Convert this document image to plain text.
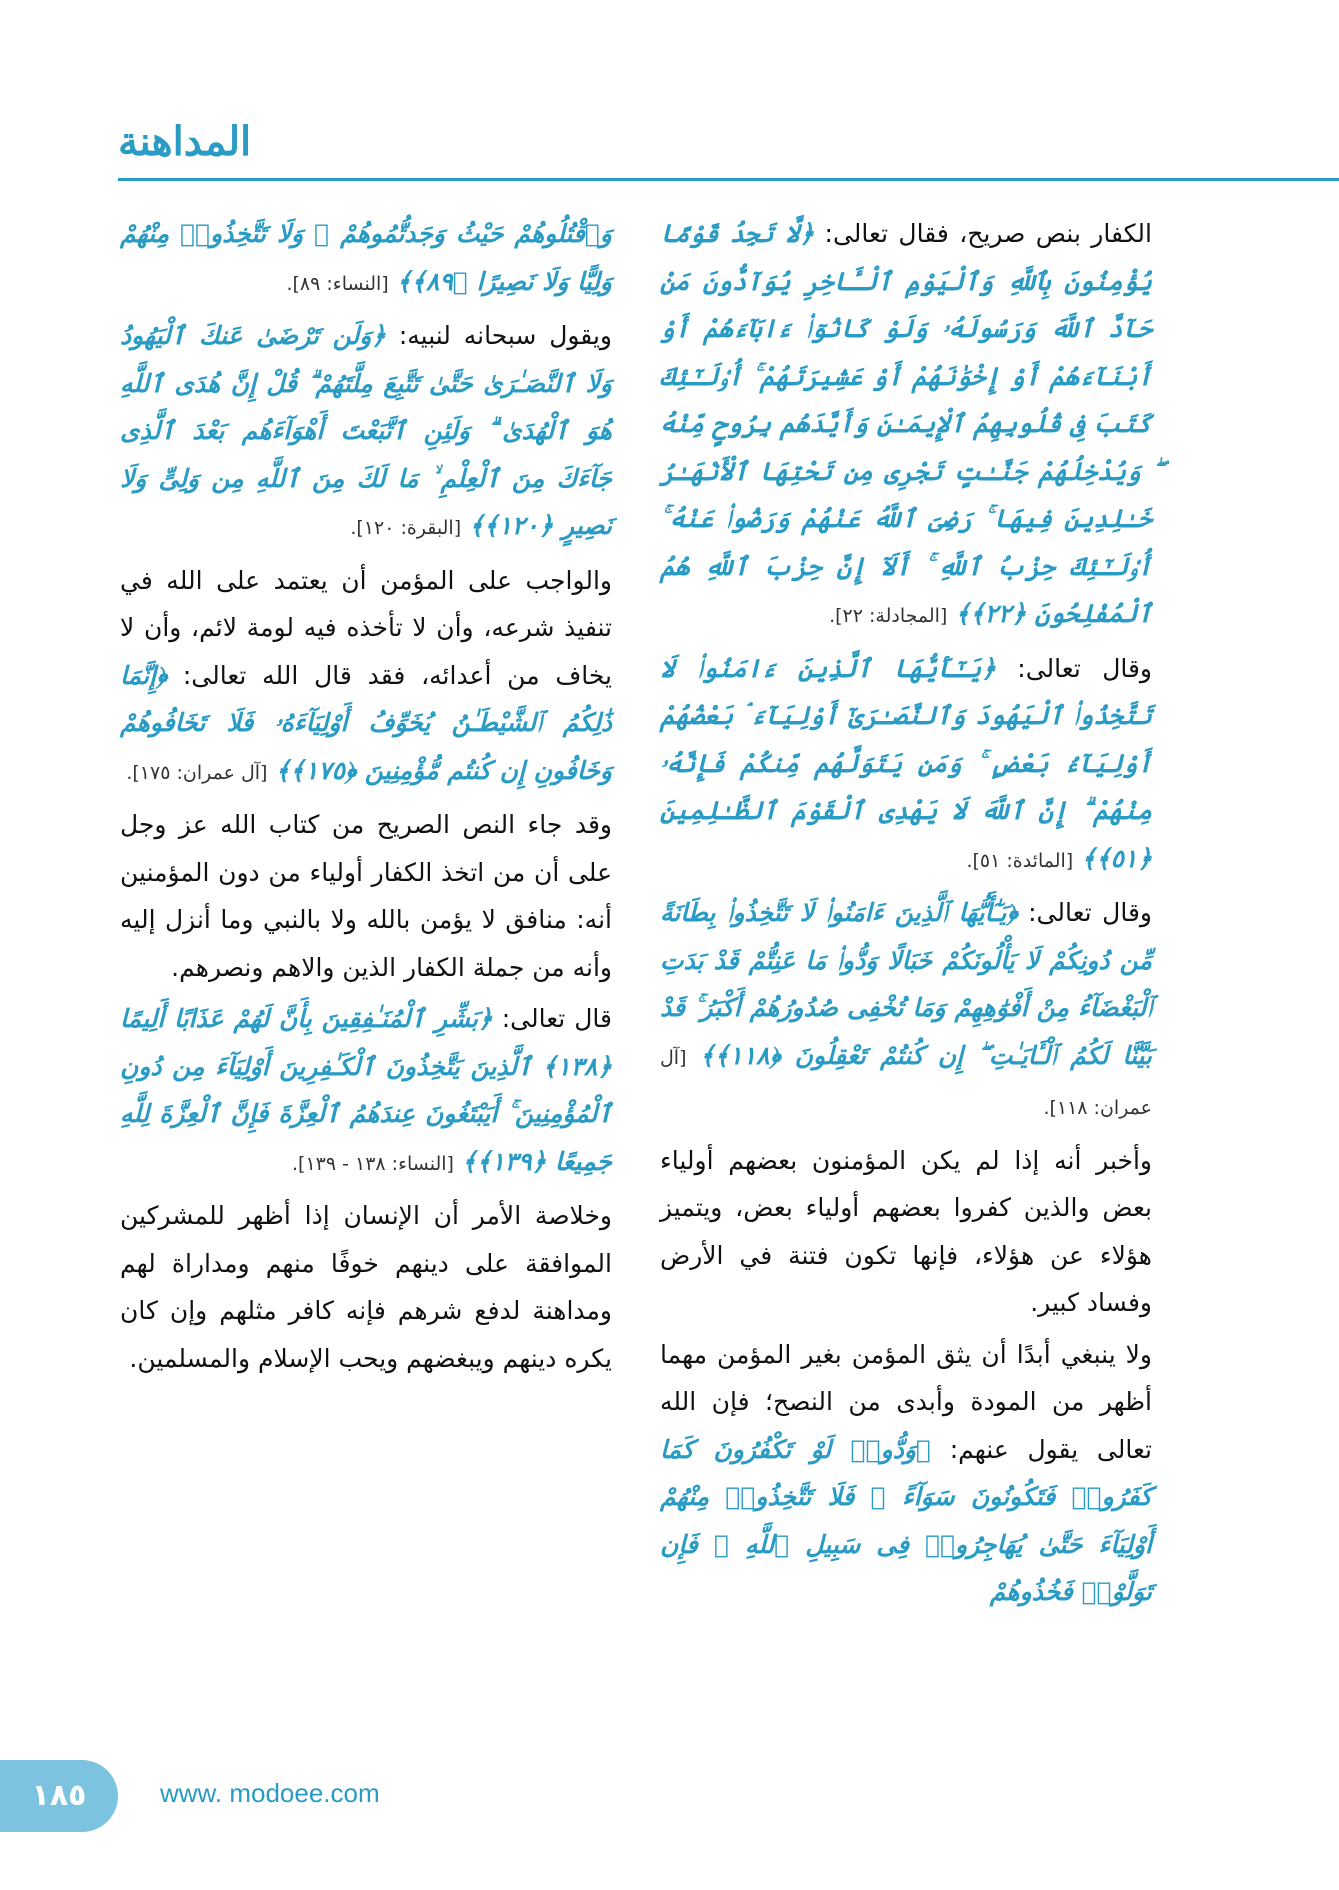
المداهنة

الكفار بنص صريح، فقال تعالى: ﴿لَّا تَجِدُ قَوْمًا يُؤْمِنُونَ بِٱللَّهِ وَٱلْيَوْمِ ٱلْـَٔاخِرِ يُوَآدُّونَ مَنْ حَآدَّ ٱللَّهَ وَرَسُولَهُۥ وَلَوْ كَانُوٓا۟ ءَابَآءَهُمْ أَوْ أَبْنَآءَهُمْ أَوْ إِخْوَٰنَهُمْ أَوْ عَشِيرَتَهُمْ ۚ أُو۟لَـٰٓئِكَ كَتَبَ فِى قُلُوبِهِمُ ٱلْإِيمَـٰنَ وَأَيَّدَهُم بِرُوحٍ مِّنْهُ ۖ وَيُدْخِلُهُمْ جَنَّـٰتٍ تَجْرِى مِن تَحْتِهَا ٱلْأَنْهَـٰرُ خَـٰلِدِينَ فِيهَا ۚ رَضِىَ ٱللَّهُ عَنْهُمْ وَرَضُوا۟ عَنْهُ ۚ أُو۟لَـٰٓئِكَ حِزْبُ ٱللَّهِ ۚ أَلَآ إِنَّ حِزْبَ ٱللَّهِ هُمُ ٱلْمُفْلِحُونَ ﴿٢٢﴾﴾ [المجادلة: ٢٢].

وقال تعالى: ﴿يَـٰٓأَيُّهَا ٱلَّذِينَ ءَامَنُوا۟ لَا تَتَّخِذُوا۟ ٱلْيَهُودَ وَٱلنَّصَـٰرَىٰٓ أَوْلِيَآءَ ۘ بَعْضُهُمْ أَوْلِيَآءُ بَعْضٍ ۚ وَمَن يَتَوَلَّهُم مِّنكُمْ فَإِنَّهُۥ مِنْهُمْ ۗ إِنَّ ٱللَّهَ لَا يَهْدِى ٱلْقَوْمَ ٱلظَّـٰلِمِينَ ﴿٥١﴾﴾ [المائدة: ٥١].

وقال تعالى: ﴿يَـٰٓأَيُّهَا ٱلَّذِينَ ءَامَنُوا۟ لَا تَتَّخِذُوا۟ بِطَانَةً مِّن دُونِكُمْ لَا يَأْلُونَكُمْ خَبَالًا وَدُّوا۟ مَا عَنِتُّمْ قَدْ بَدَتِ ٱلْبَغْضَآءُ مِنْ أَفْوَٰهِهِمْ وَمَا تُخْفِى صُدُورُهُمْ أَكْبَرُ ۚ قَدْ بَيَّنَّا لَكُمُ ٱلْـَٔايَـٰتِ ۖ إِن كُنتُمْ تَعْقِلُونَ ﴿١١٨﴾﴾ [آل عمران: ١١٨].

وأخبر أنه إذا لم يكن المؤمنون بعضهم أولياء بعض والذين كفروا بعضهم أولياء بعض، ويتميز هؤلاء عن هؤلاء، فإنها تكون فتنة في الأرض وفساد كبير.

ولا ينبغي أبدًا أن يثق المؤمن بغير المؤمن مهما أظهر من المودة وأبدى من النصح؛ فإن الله تعالى يقول عنهم: ﴿وَدُّوا۟ لَوْ تَكْفُرُونَ كَمَا كَفَرُوا۟ فَتَكُونُونَ سَوَآءً ۖ فَلَا تَتَّخِذُوا۟ مِنْهُمْ أَوْلِيَآءَ حَتَّىٰ يُهَاجِرُوا۟ فِى سَبِيلِ ٱللَّهِ ۚ فَإِن تَوَلَّوْا۟ فَخُذُوهُمْ

وَٱقْتُلُوهُمْ حَيْثُ وَجَدتُّمُوهُمْ ۖ وَلَا تَتَّخِذُوا۟ مِنْهُمْ وَلِيًّا وَلَا نَصِيرًا ﴿٨٩﴾﴾ [النساء: ٨٩].

ويقول سبحانه لنبيه: ﴿وَلَن تَرْضَىٰ عَنكَ ٱلْيَهُودُ وَلَا ٱلنَّصَـٰرَىٰ حَتَّىٰ تَتَّبِعَ مِلَّتَهُمْ ۗ قُلْ إِنَّ هُدَى ٱللَّهِ هُوَ ٱلْهُدَىٰ ۗ وَلَئِنِ ٱتَّبَعْتَ أَهْوَآءَهُم بَعْدَ ٱلَّذِى جَآءَكَ مِنَ ٱلْعِلْمِ ۙ مَا لَكَ مِنَ ٱللَّهِ مِن وَلِىٍّ وَلَا نَصِيرٍ ﴿١٢٠﴾﴾ [البقرة: ١٢٠].

والواجب على المؤمن أن يعتمد على الله في تنفيذ شرعه، وأن لا تأخذه فيه لومة لائم، وأن لا يخاف من أعدائه، فقد قال الله تعالى: ﴿إِنَّمَا ذَٰلِكُمُ ٱلشَّيْطَـٰنُ يُخَوِّفُ أَوْلِيَآءَهُۥ فَلَا تَخَافُوهُمْ وَخَافُونِ إِن كُنتُم مُّؤْمِنِينَ ﴿١٧٥﴾﴾ [آل عمران: ١٧٥].

وقد جاء النص الصريح من كتاب الله عز وجل على أن من اتخذ الكفار أولياء من دون المؤمنين أنه: منافق لا يؤمن بالله ولا بالنبي وما أنزل إليه وأنه من جملة الكفار الذين والاهم ونصرهم.

قال تعالى: ﴿بَشِّرِ ٱلْمُنَـٰفِقِينَ بِأَنَّ لَهُمْ عَذَابًا أَلِيمًا ﴿١٣٨﴾ ٱلَّذِينَ يَتَّخِذُونَ ٱلْكَـٰفِرِينَ أَوْلِيَآءَ مِن دُونِ ٱلْمُؤْمِنِينَ ۚ أَيَبْتَغُونَ عِندَهُمُ ٱلْعِزَّةَ فَإِنَّ ٱلْعِزَّةَ لِلَّهِ جَمِيعًا ﴿١٣٩﴾﴾ [النساء: ١٣٨ - ١٣٩].

وخلاصة الأمر أن الإنسان إذا أظهر للمشركين الموافقة على دينهم خوفًا منهم ومداراة لهم ومداهنة لدفع شرهم فإنه كافر مثلهم وإن كان يكره دينهم ويبغضهم ويحب الإسلام والمسلمين.

١٨٥	www. modoee.com
